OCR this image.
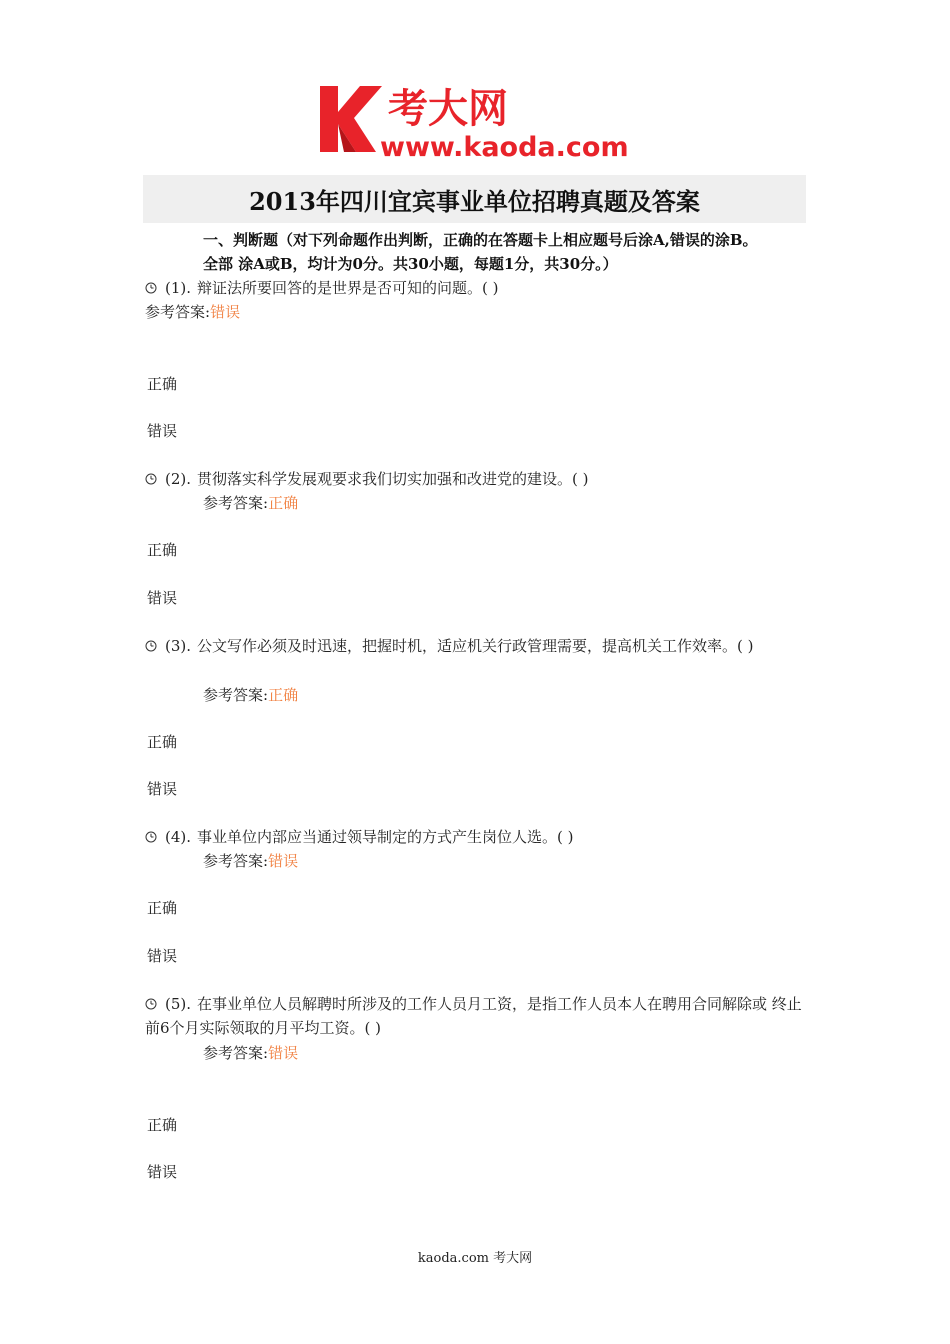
考大网
www.kaoda.com
2013年四川宜宾事业单位招聘真题及答案
一、判断题（对下列命题作出判断，正确的在答题卡上相应题号后涂A,错误的涂B。
全部 涂A或B，均计为0分。共30小题，每题1分，共30分。）
(1). 辩证法所要回答的是世界是否可知的问题。( )
参考答案:错误
正确
错误
(2). 贯彻落实科学发展观要求我们切实加强和改进党的建设。( )
参考答案:正确
正确
错误
(3). 公文写作必须及时迅速，把握时机，适应机关行政管理需要，提高机关工作效率。( )
参考答案:正确
正确
错误
(4). 事业单位内部应当通过领导制定的方式产生岗位人选。( )
参考答案:错误
正确
错误
(5). 在事业单位人员解聘时所涉及的工作人员月工资，是指工作人员本人在聘用合同解除或 终止前6个月实际领取的月平均工资。( )
参考答案:错误
正确
错误
kaoda.com 考大网
